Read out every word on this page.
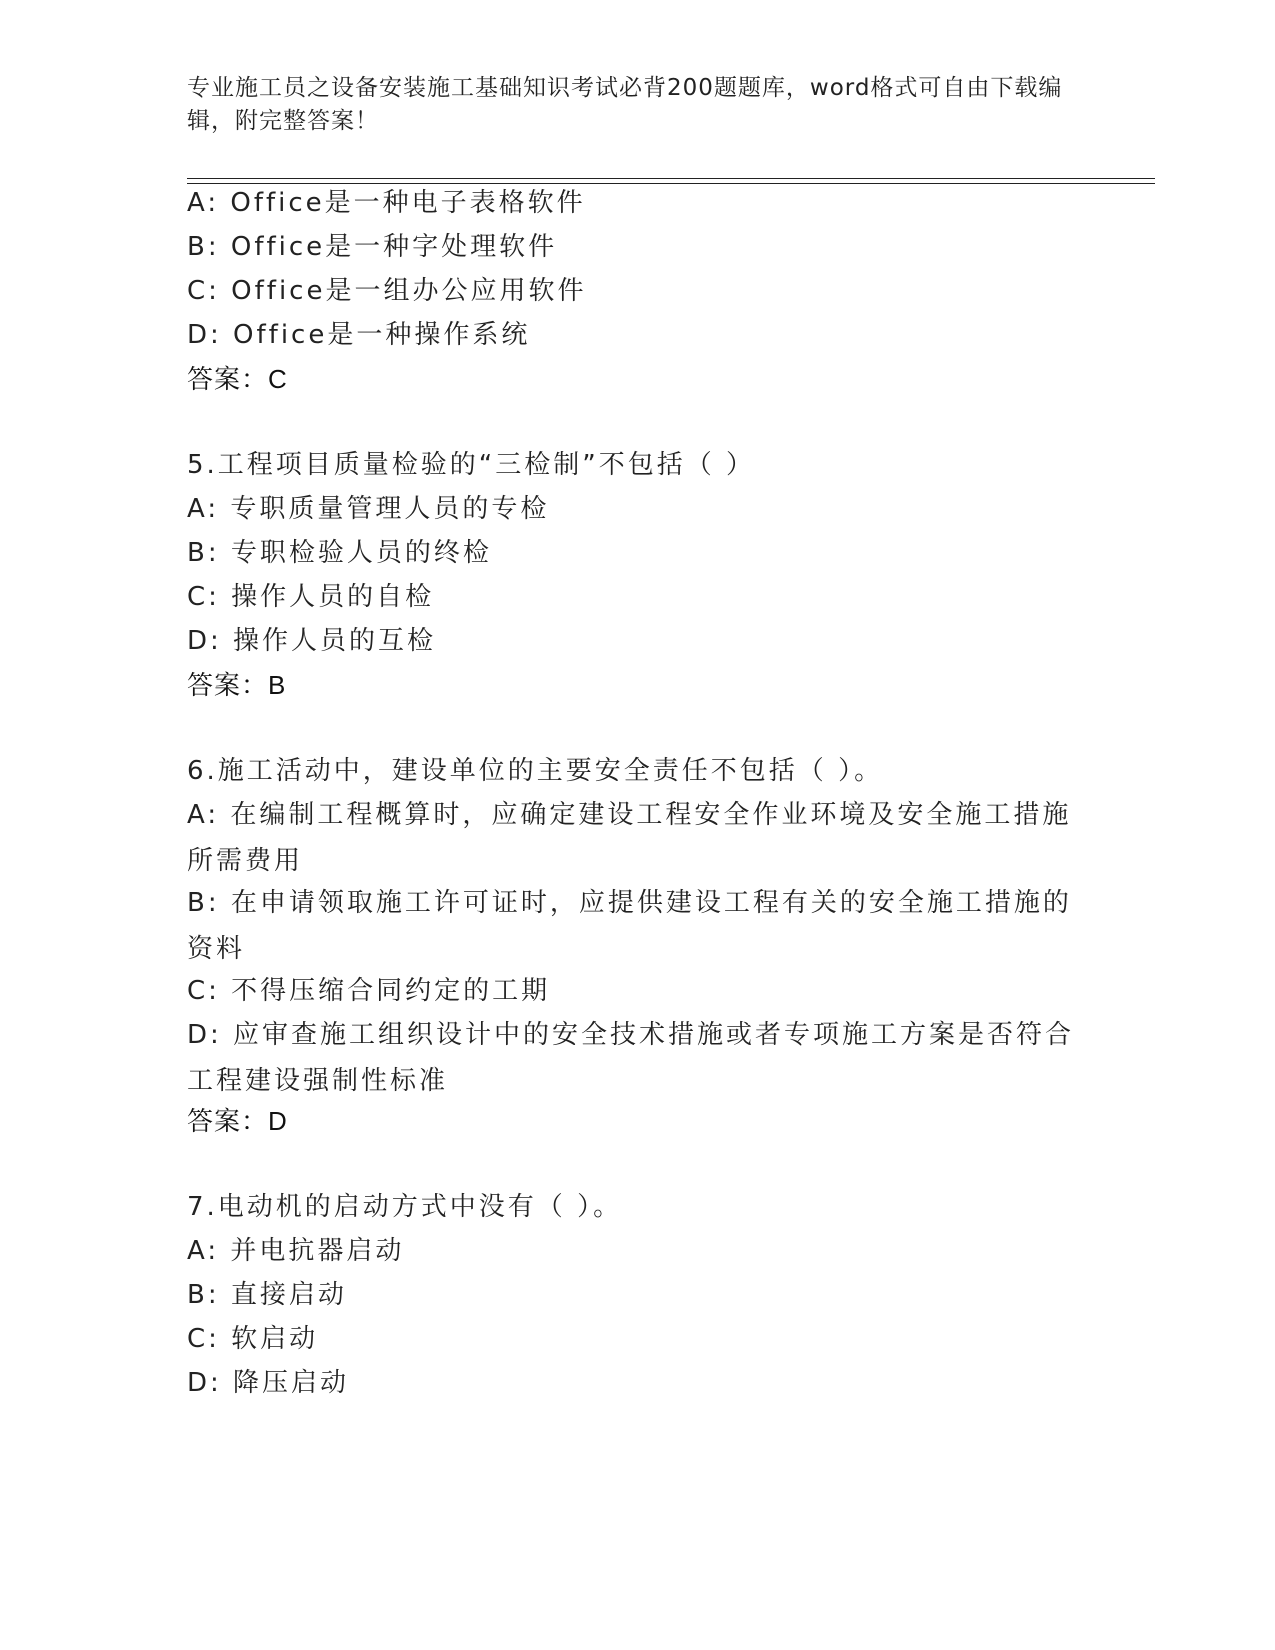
专业施工员之设备安装施工基础知识考试必背200题题库，word格式可自由下载编辑，附完整答案！
A: Office是一种电子表格软件
B: Office是一种字处理软件
C: Office是一组办公应用软件
D: Office是一种操作系统
答案：C
5.工程项目质量检验的“三检制”不包括（ ）
A: 专职质量管理人员的专检
B: 专职检验人员的终检
C: 操作人员的自检
D: 操作人员的互检
答案：B
6.施工活动中，建设单位的主要安全责任不包括（ ）。
A: 在编制工程概算时，应确定建设工程安全作业环境及安全施工措施所需费用
B: 在申请领取施工许可证时，应提供建设工程有关的安全施工措施的资料
C: 不得压缩合同约定的工期
D: 应审查施工组织设计中的安全技术措施或者专项施工方案是否符合工程建设强制性标准
答案：D
7.电动机的启动方式中没有（ ）。
A: 并电抗器启动
B: 直接启动
C: 软启动
D: 降压启动
